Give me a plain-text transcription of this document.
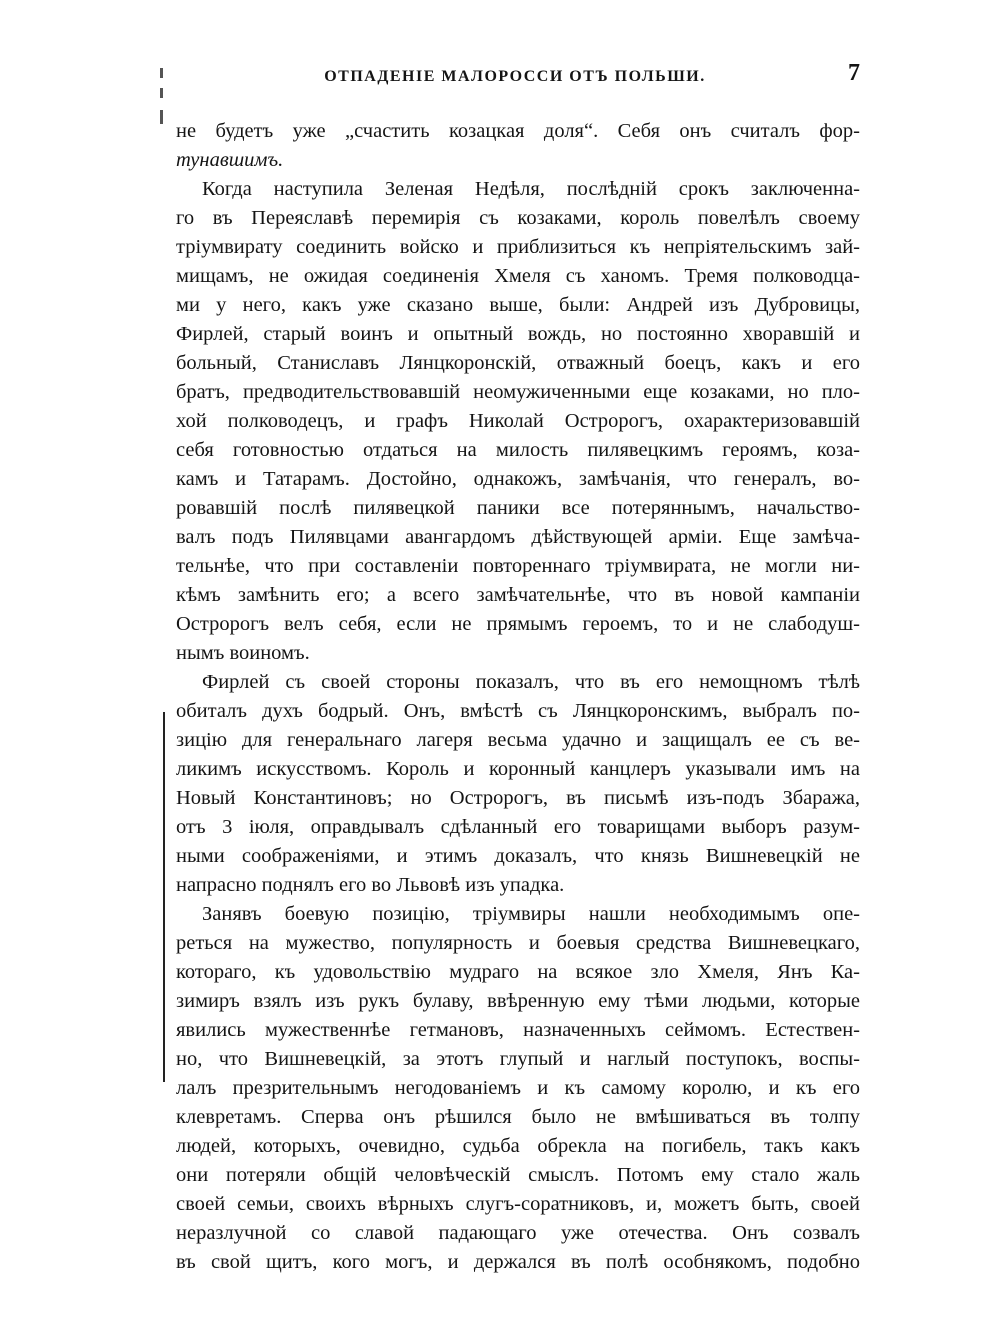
ОТПАДЕНІЕ МАЛОРОССИ ОТЪ ПОЛЬШИ.	7
не будетъ уже „счастить козацкая доля“. Себя онъ считалъ фор-
тунавшимъ.
Когда наступила Зеленая Недѣля, послѣдній срокъ заключенна-
го въ Переяславѣ перемирія съ козаками, король повелѣлъ своему
тріумвирату соединить войско и приблизиться къ непріятельскимъ зай-
мищамъ, не ожидая соединенія Хмеля съ ханомъ. Тремя полководца-
ми у него, какъ уже сказано выше, были: Андрей изъ Дубровицы,
Фирлей, старый воинъ и опытный вождь, но постоянно хворавшій и
больный, Станиславъ Лянцкоронскій, отважный боецъ, какъ и его
братъ, предводительствовавшій неомужиченными еще козаками, но пло-
хой полководецъ, и графъ Николай Остророгъ, охарактеризовавшій
себя готовностью отдаться на милость пилявецкимъ героямъ, коза-
камъ и Татарамъ. Достойно, однакожъ, замѣчанія, что генералъ, во-
ровавшій послѣ пилявецкой паники все потеряннымъ, начальство-
валъ подъ Пилявцами авангардомъ дѣйствующей арміи. Еще замѣча-
тельнѣе, что при составленіи повтореннаго тріумвирата, не могли ни-
кѣмъ замѣнить его; а всего замѣчательнѣе, что въ новой кампаніи
Остророгъ велъ себя, если не прямымъ героемъ, то и не слабодуш-
нымъ воиномъ.
Фирлей съ своей стороны показалъ, что въ его немощномъ тѣлѣ
обиталъ духъ бодрый. Онъ, вмѣстѣ съ Лянцкоронскимъ, выбралъ по-
зицію для генеральнаго лагеря весьма удачно и защищалъ ее съ ве-
ликимъ искусствомъ. Король и коронный канцлеръ указывали имъ на
Новый Константиновъ; но Остророгъ, въ письмѣ изъ-подъ Збаража,
отъ 3 іюля, оправдывалъ сдѣланный его товарищами выборъ разум-
ными соображеніями, и этимъ доказалъ, что князь Вишневецкій не
напрасно поднялъ его во Львовѣ изъ упадка.
Занявъ боевую позицію, тріумвиры нашли необходимымъ опе-
реться на мужество, популярность и боевыя средства Вишневецкаго,
котораго, къ удовольствію мудраго на всякое зло Хмеля, Янъ Ка-
зимиръ взялъ изъ рукъ булаву, ввѣренную ему тѣми людьми, которые
явились мужественнѣе гетмановъ, назначенныхъ сеймомъ. Естествен-
но, что Вишневецкій, за этотъ глупый и наглый поступокъ, воспы-
лалъ презрительнымъ негодованіемъ и къ самому королю, и къ его
клевретамъ. Сперва онъ рѣшился было не вмѣшиваться въ толпу
людей, которыхъ, очевидно, судьба обрекла на погибель, такъ какъ
они потеряли общій человѣческій смыслъ. Потомъ ему стало жаль
своей семьи, своихъ вѣрныхъ слугъ-соратниковъ, и, можетъ быть, своей
неразлучной со славой падающаго уже отечества. Онъ созвалъ
въ свой щитъ, кого могъ, и держался въ полѣ особнякомъ, подобно
